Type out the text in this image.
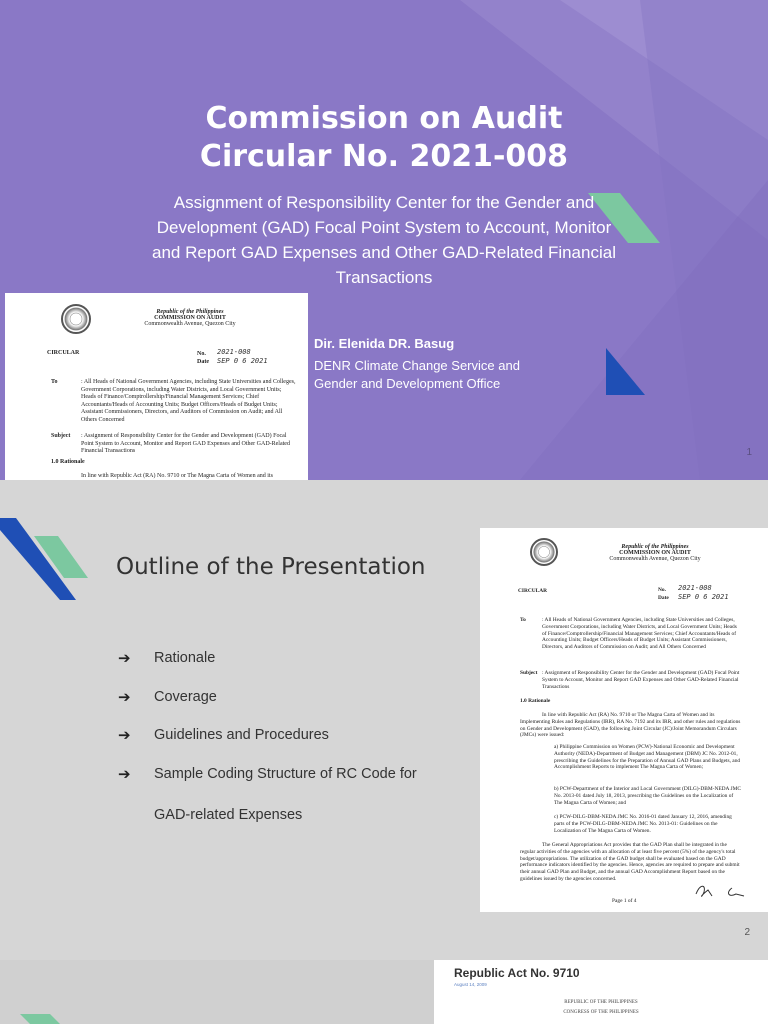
Commission on Audit
Circular No. 2021-008
Assignment of Responsibility Center for the Gender and Development (GAD) Focal Point System to Account, Monitor and Report GAD Expenses and Other GAD-Related Financial Transactions
Dir. Elenida DR. Basug
DENR Climate Change Service and Gender and Development Office
1
Republic of the Philippines
COMMISSION ON AUDIT
Commonwealth Avenue, Quezon City
CIRCULAR	No. 2021-008
Date SEP 0 6 2021
To	: All Heads of National Government Agencies, including State Universities and Colleges, Government Corporations, including Water Districts, and Local Government Units; Heads of Finance/Comptrollership/Financial Management Services; Chief Accountants/Heads of Accounting Units; Budget Officers/Heads of Budget Units; Assistant Commissioners, Directors, and Auditors of Commission on Audit; and All Others Concerned
Subject : Assignment of Responsibility Center for the Gender and Development (GAD) Focal Point System to Account, Monitor and Report GAD Expenses and Other GAD-Related Financial Transactions
1.0 Rationale
In line with Republic Act (RA) No. 9710 or The Magna Carta of Women and its
Outline of the Presentation
➔ Rationale
➔ Coverage
➔ Guidelines and Procedures
➔ Sample Coding Structure of RC Code for
GAD-related Expenses
2
Republic of the Philippines
COMMISSION ON AUDIT
Commonwealth Avenue, Quezon City
CIRCULAR	No. 2021-008
Date SEP 0 6 2021
To	: All Heads of National Government Agencies, including State Universities and Colleges, Government Corporations, including Water Districts, and Local Government Units; Heads of Finance/Comptrollership/Financial Management Services; Chief Accountants/Heads of Accounting Units; Budget Officers/Heads of Budget Units; Assistant Commissioners, Directors, and Auditors of Commission on Audit; and All Others Concerned
Subject : Assignment of Responsibility Center for the Gender and Development (GAD) Focal Point System to Account, Monitor and Report GAD Expenses and Other GAD-Related Financial Transactions
1.0 Rationale
In line with Republic Act (RA) No. 9710 or The Magna Carta of Women and its Implementing Rules and Regulations (IRR), RA No. 7192 and its IRR, and other rules and regulations on Gender and Development (GAD), the following Joint Circular (JC)/Joint Memorandum Circulars (JMCs) were issued:
a) Philippine Commission on Women (PCW)-National Economic and Development Authority (NEDA)-Department of Budget and Management (DBM) JC No. 2012-01, prescribing the Guidelines for the Preparation of Annual GAD Plans and Budgets, and Accomplishment Reports to implement The Magna Carta of Women;
b) PCW-Department of the Interior and Local Government (DILG)-DBM-NEDA JMC No. 2013-01 dated July 18, 2013, prescribing the Guidelines on the Localization of The Magna Carta of Women; and
c) PCW-DILG-DBM-NEDA JMC No. 2016-01 dated January 12, 2016, amending parts of the PCW-DILG-DBM-NEDA JMC No. 2013-01: Guidelines on the Localization of The Magna Carta of Women.
The General Appropriations Act provides that the GAD Plan shall be integrated in the regular activities of the agencies with an allocation of at least five percent (5%) of the agency's total budget/appropriations. The utilization of the GAD budget shall be evaluated based on the GAD performance indicators identified by the agencies. Hence, agencies are required to prepare and submit their annual GAD Plan and Budget, and the annual GAD Accomplishment Report based on the guidelines issued by the agencies concerned.
Page 1 of 4
Republic Act No. 9710
August 14, 2009
REPUBLIC OF THE PHILIPPINES
CONGRESS OF THE PHILIPPINES
